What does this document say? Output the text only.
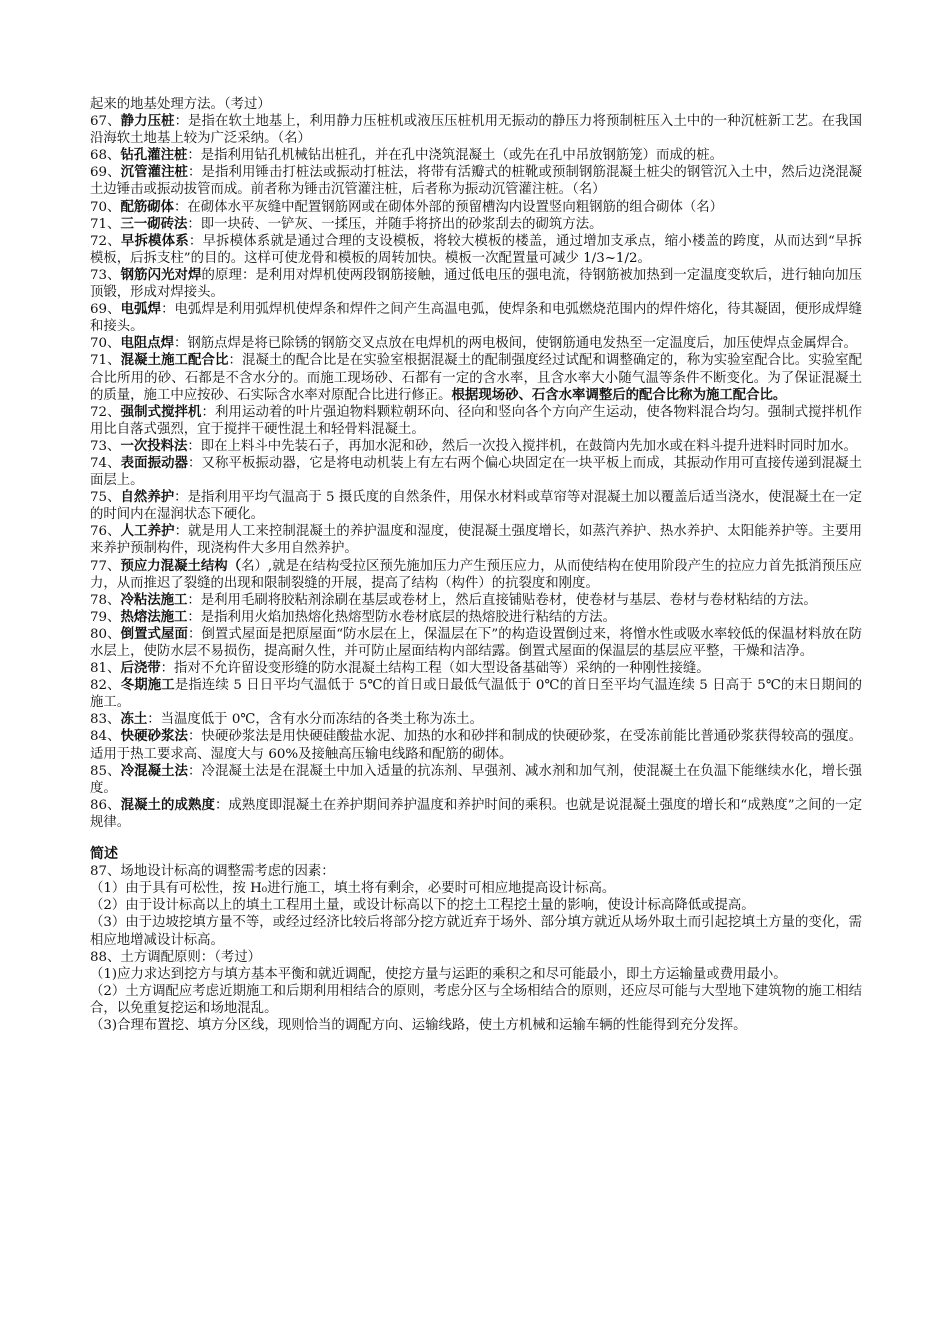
起来的地基处理方法。（考过）

67、静力压桩：是指在软土地基上，利用静力压桩机或液压压桩机用无振动的静压力将预制桩压入土中的一种沉桩新工艺。在我国沿海软土地基上较为广泛采纳。（名）

68、钻孔灌注桩：是指利用钻孔机械钻出桩孔，并在孔中浇筑混凝土（或先在孔中吊放钢筋笼）而成的桩。

69、沉管灌注桩：是指利用锤击打桩法或振动打桩法，将带有活瓣式的桩靴或预制钢筋混凝土桩尖的钢管沉入土中，然后边浇混凝土边锤击或振动拔管而成。前者称为锤击沉管灌注桩，后者称为振动沉管灌注桩。（名）

70、配筋砌体：在砌体水平灰缝中配置钢筋网或在砌体外部的预留槽沟内设置竖向粗钢筋的组合砌体（名）

71、三一砌砖法：即一块砖、一铲灰、一揉压，并随手将挤出的砂浆刮去的砌筑方法。

72、早拆模体系：早拆模体系就是通过合理的支设模板，将较大模板的楼盖，通过增加支承点，缩小楼盖的跨度，从而达到“早拆模板，后拆支柱”的目的。这样可使龙骨和模板的周转加快。模板一次配置量可减少 1/3~1/2。

73、钢筋闪光对焊的原理：是利用对焊机使两段钢筋接触，通过低电压的强电流，待钢筋被加热到一定温度变软后，进行轴向加压顶锻，形成对焊接头。

69、电弧焊：电弧焊是利用弧焊机使焊条和焊件之间产生高温电弧，使焊条和电弧燃烧范围内的焊件熔化，待其凝固，便形成焊缝和接头。

70、电阻点焊：钢筋点焊是将已除锈的钢筋交叉点放在电焊机的两电极间，使钢筋通电发热至一定温度后，加压使焊点金属焊合。

71、混凝土施工配合比：混凝土的配合比是在实验室根据混凝土的配制强度经过试配和调整确定的，称为实验室配合比。实验室配合比所用的砂、石都是不含水分的。而施工现场砂、石都有一定的含水率，且含水率大小随气温等条件不断变化。为了保证混凝土的质量，施工中应按砂、石实际含水率对原配合比进行修正。根据现场砂、石含水率调整后的配合比称为施工配合比。

72、强制式搅拌机：利用运动着的叶片强迫物料颗粒朝环向、径向和竖向各个方向产生运动，使各物料混合均匀。强制式搅拌机作用比自落式强烈，宜于搅拌干硬性混土和轻骨料混凝土。

73、一次投料法：即在上料斗中先装石子，再加水泥和砂，然后一次投入搅拌机，在鼓筒内先加水或在料斗提升进料时同时加水。

74、表面振动器：又称平板振动器，它是将电动机装上有左右两个偏心块固定在一块平板上而成，其振动作用可直接传递到混凝土面层上。

75、自然养护：是指利用平均气温高于 5 摄氏度的自然条件，用保水材料或草帘等对混凝土加以覆盖后适当浇水，使混凝土在一定的时间内在湿润状态下硬化。

76、人工养护：就是用人工来控制混凝土的养护温度和湿度，使混凝土强度增长，如蒸汽养护、热水养护、太阳能养护等。主要用来养护预制构件，现浇构件大多用自然养护。

77、预应力混凝土结构（名）,就是在结构受拉区预先施加压力产生预压应力，从而使结构在使用阶段产生的拉应力首先抵消预压应力，从而推迟了裂缝的出现和限制裂缝的开展，提高了结构（构件）的抗裂度和刚度。

78、冷粘法施工：是利用毛刷将胶粘剂涂刷在基层或卷材上，然后直接铺贴卷材，使卷材与基层、卷材与卷材粘结的方法。

79、热熔法施工：是指利用火焰加热熔化热熔型防水卷材底层的热熔胶进行粘结的方法。

80、倒置式屋面：倒置式屋面是把原屋面“防水层在上，保温层在下”的构造设置倒过来，将憎水性或吸水率较低的保温材料放在防水层上，使防水层不易损伤，提高耐久性，并可防止屋面结构内部结露。倒置式屋面的保温层的基层应平整，干燥和洁净。

81、后浇带：指对不允许留设变形缝的防水混凝土结构工程（如大型设备基础等）采纳的一种刚性接缝。

82、冬期施工是指连续 5 日日平均气温低于 5℃的首日或日最低气温低于 0℃的首日至平均气温连续 5 日高于 5℃的末日期间的施工。

83、冻土：当温度低于 0℃，含有水分而冻结的各类土称为冻土。

84、快硬砂浆法：快硬砂浆法是用快硬硅酸盐水泥、加热的水和砂拌和制成的快硬砂浆，在受冻前能比普通砂浆获得较高的强度。适用于热工要求高、湿度大与 60%及接触高压输电线路和配筋的砌体。

85、冷混凝土法：冷混凝土法是在混凝土中加入适量的抗冻剂、早强剂、减水剂和加气剂，使混凝土在负温下能继续水化，增长强度。

86、混凝土的成熟度：成熟度即混凝土在养护期间养护温度和养护时间的乘积。也就是说混凝土强度的增长和“成熟度”之间的一定规律。

简述

87、场地设计标高的调整需考虑的因素：

（1）由于具有可松性，按 H₀进行施工，填土将有剩余，必要时可相应地提高设计标高。

（2）由于设计标高以上的填土工程用土量，或设计标高以下的挖土工程挖土量的影响，使设计标高降低或提高。

（3）由于边坡挖填方量不等，或经过经济比较后将部分挖方就近弃于场外、部分填方就近从场外取土而引起挖填土方量的变化，需相应地增减设计标高。

88、土方调配原则：（考过）

（1)应力求达到挖方与填方基本平衡和就近调配，使挖方量与运距的乘积之和尽可能最小，即土方运输量或费用最小。

（2）土方调配应考虑近期施工和后期利用相结合的原则，考虑分区与全场相结合的原则，还应尽可能与大型地下建筑物的施工相结合，以免重复挖运和场地混乱。

（3)合理布置挖、填方分区线，现则恰当的调配方向、运输线路，使土方机械和运输车辆的性能得到充分发挥。
